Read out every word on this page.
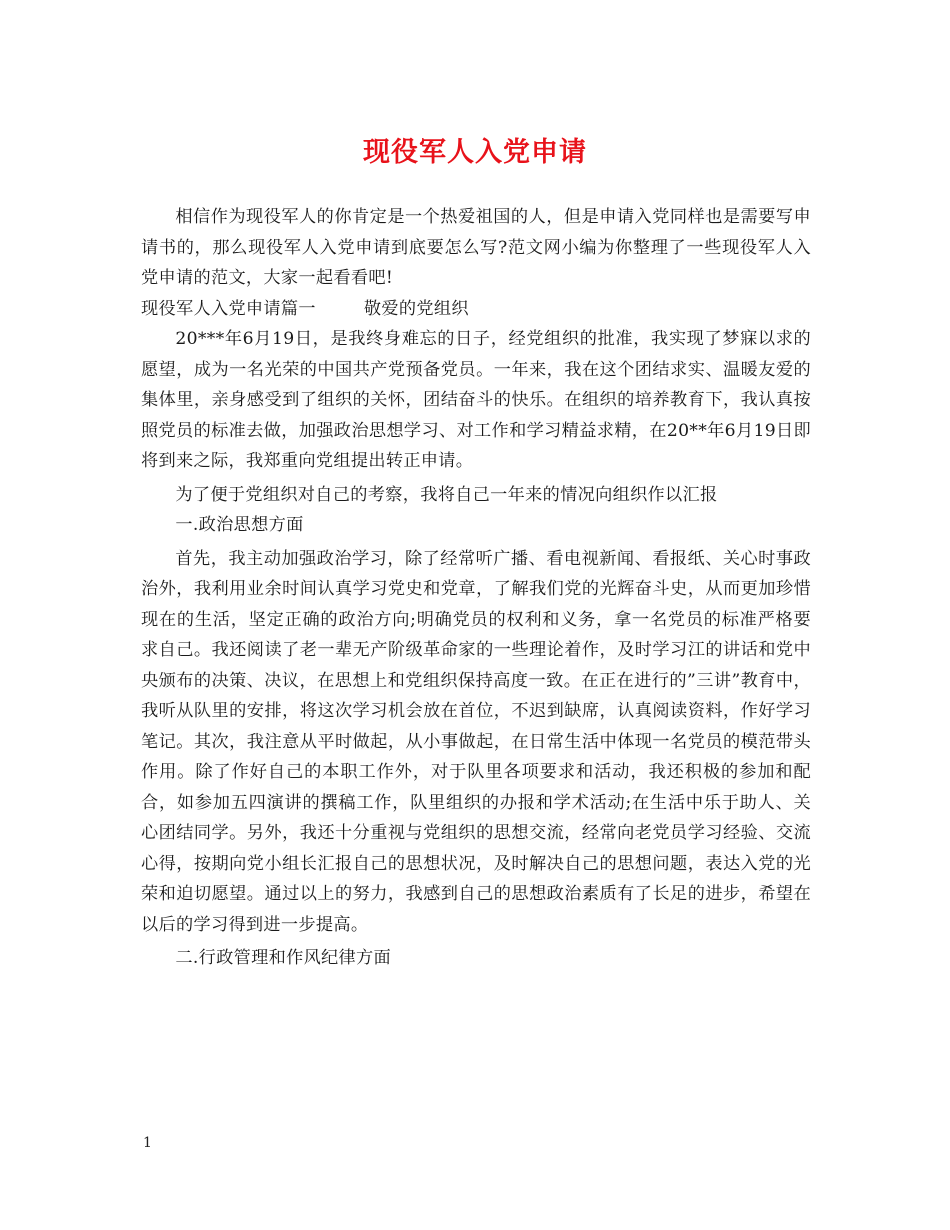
现役军人入党申请

相信作为现役军人的你肯定是一个热爱祖国的人，但是申请入党同样也是需要写申请书的，那么现役军人入党申请到底要怎么写?范文网小编为你整理了一些现役军人入党申请的范文，大家一起看看吧!

现役军人入党申请篇一	敬爱的党组织

20***年6月19日，是我终身难忘的日子，经党组织的批准，我实现了梦寐以求的愿望，成为一名光荣的中国共产党预备党员。一年来，我在这个团结求实、温暖友爱的集体里，亲身感受到了组织的关怀，团结奋斗的快乐。在组织的培养教育下，我认真按照党员的标准去做，加强政治思想学习、对工作和学习精益求精，在20**年6月19日即将到来之际，我郑重向党组提出转正申请。

为了便于党组织对自己的考察，我将自己一年来的情况向组织作以汇报

一.政治思想方面

首先，我主动加强政治学习，除了经常听广播、看电视新闻、看报纸、关心时事政治外，我利用业余时间认真学习党史和党章，了解我们党的光辉奋斗史，从而更加珍惜现在的生活，坚定正确的政治方向;明确党员的权利和义务，拿一名党员的标准严格要求自己。我还阅读了老一辈无产阶级革命家的一些理论着作，及时学习江的讲话和党中央颁布的决策、决议，在思想上和党组织保持高度一致。在正在进行的”三讲”教育中，我听从队里的安排，将这次学习机会放在首位，不迟到缺席，认真阅读资料，作好学习笔记。其次，我注意从平时做起，从小事做起，在日常生活中体现一名党员的模范带头作用。除了作好自己的本职工作外，对于队里各项要求和活动，我还积极的参加和配合，如参加五四演讲的撰稿工作，队里组织的办报和学术活动;在生活中乐于助人、关心团结同学。另外，我还十分重视与党组织的思想交流，经常向老党员学习经验、交流心得，按期向党小组长汇报自己的思想状况，及时解决自己的思想问题，表达入党的光荣和迫切愿望。通过以上的努力，我感到自己的思想政治素质有了长足的进步，希望在以后的学习得到进一步提高。

二.行政管理和作风纪律方面

1
